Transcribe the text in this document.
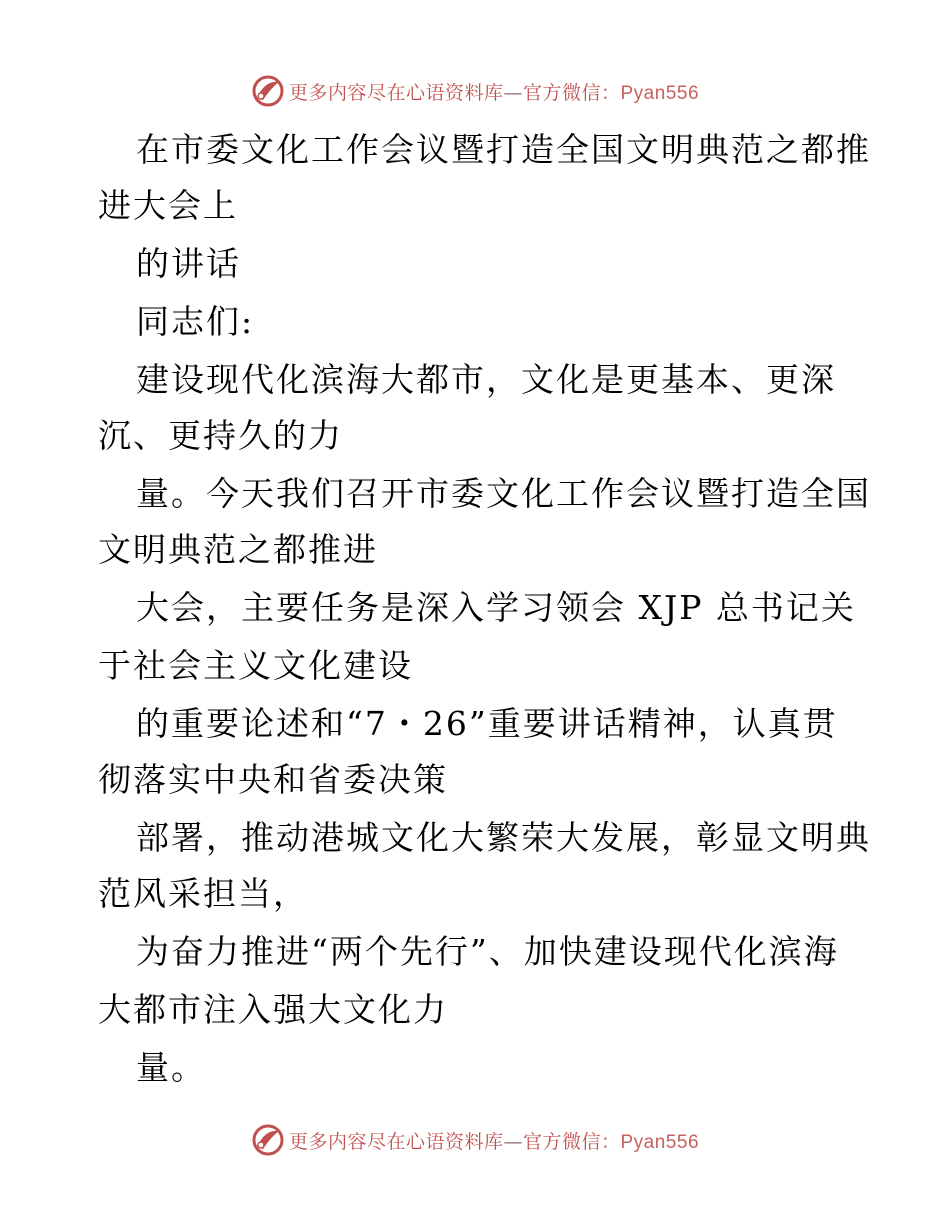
更多内容尽在心语资料库—官方微信：Pyan556
在市委文化工作会议暨打造全国文明典范之都推
进大会上
的讲话
同志们:
建设现代化滨海大都市，文化是更基本、更深
沉、更持久的力
量。今天我们召开市委文化工作会议暨打造全国
文明典范之都推进
大会，主要任务是深入学习领会 XJP 总书记关
于社会主义文化建设
的重要论述和“7・26”重要讲话精神，认真贯
彻落实中央和省委决策
部署，推动港城文化大繁荣大发展，彰显文明典
范风采担当，
为奋力推进“两个先行”、加快建设现代化滨海
大都市注入强大文化力
量。
更多内容尽在心语资料库—官方微信：Pyan556
